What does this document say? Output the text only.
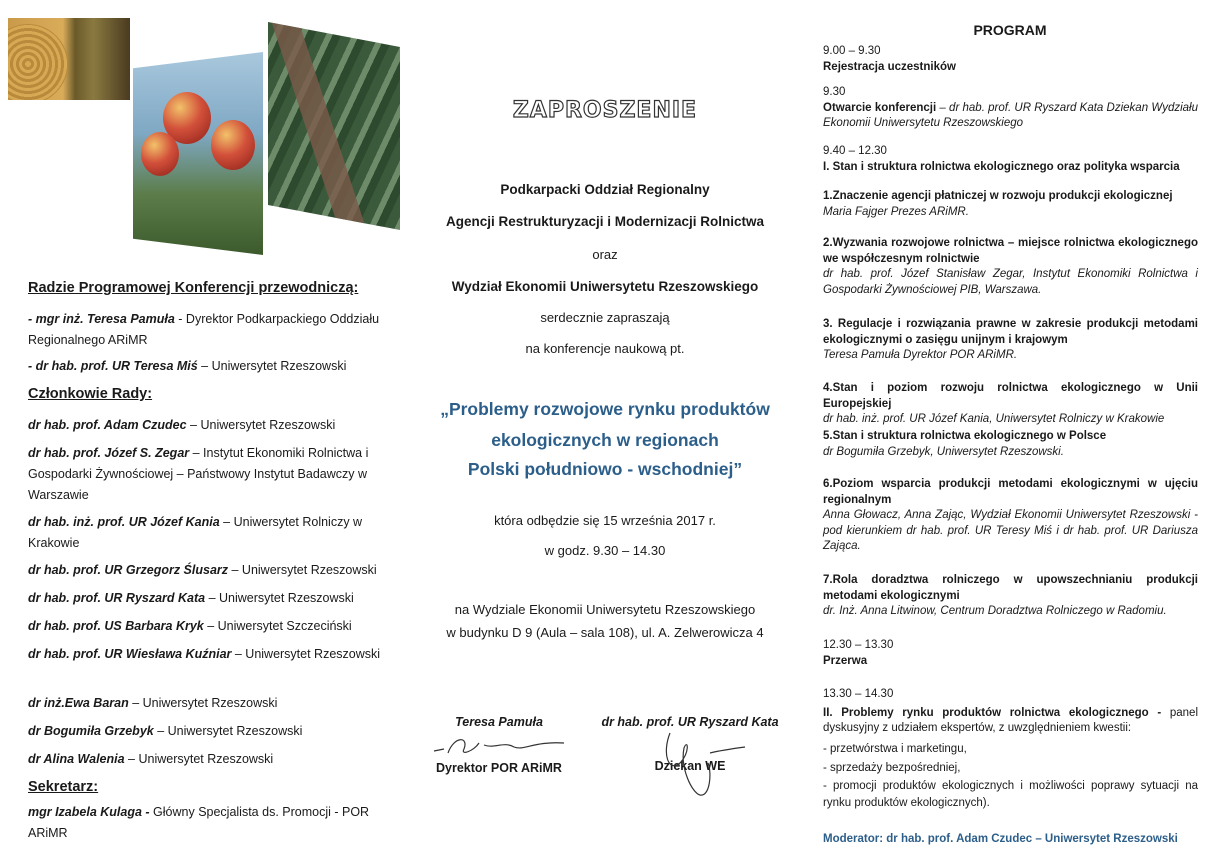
Radzie Programowej Konferencji przewodniczą:
- mgr inż. Teresa Pamuła - Dyrektor Podkarpackiego Oddziału Regionalnego ARiMR
- dr hab. prof. UR Teresa Miś – Uniwersytet Rzeszowski
Członkowie Rady:
dr hab. prof. Adam Czudec – Uniwersytet Rzeszowski
dr hab. prof. Józef S. Zegar – Instytut Ekonomiki Rolnictwa i Gospodarki Żywnościowej – Państwowy Instytut Badawczy w Warszawie
dr hab. inż. prof. UR Józef Kania – Uniwersytet Rolniczy w Krakowie
dr hab. prof. UR Grzegorz Ślusarz – Uniwersytet Rzeszowski
dr hab. prof. UR Ryszard Kata – Uniwersytet Rzeszowski
dr hab. prof. US Barbara Kryk – Uniwersytet Szczeciński
dr hab. prof. UR Wiesława Kuźniar – Uniwersytet Rzeszowski
dr inż.Ewa Baran – Uniwersytet Rzeszowski
dr Bogumiła Grzebyk – Uniwersytet Rzeszowski
dr Alina Walenia – Uniwersytet Rzeszowski
Sekretarz:
mgr Izabela Kulaga - Główny Specjalista ds. Promocji - POR ARiMR
ZAPROSZENIE
Podkarpacki Oddział Regionalny
Agencji Restrukturyzacji i Modernizacji Rolnictwa
oraz
Wydział Ekonomii Uniwersytetu Rzeszowskiego
serdecznie zapraszają
na konferencje naukową pt.
„Problemy rozwojowe rynku produktów
ekologicznych w regionach
Polski południowo - wschodniej”
która odbędzie się 15 września 2017 r.
w godz. 9.30 – 14.30
na Wydziale Ekonomii Uniwersytetu Rzeszowskiego
w budynku D 9 (Aula – sala 108), ul. A. Zelwerowicza 4
Teresa Pamuła
Dyrektor POR ARiMR
dr hab. prof. UR Ryszard Kata
Dziekan WE
PROGRAM
9.00 – 9.30
Rejestracja uczestników
9.30
Otwarcie konferencji – dr hab. prof. UR Ryszard Kata Dziekan Wydziału Ekonomii Uniwersytetu Rzeszowskiego
9.40 – 12.30
I. Stan i struktura rolnictwa ekologicznego oraz polityka wsparcia
1.Znaczenie agencji płatniczej w rozwoju produkcji ekologicznej
Maria Fajger Prezes ARiMR.
2.Wyzwania rozwojowe rolnictwa – miejsce rolnictwa ekologicznego we współczesnym rolnictwie
dr hab. prof. Józef Stanisław Zegar, Instytut Ekonomiki Rolnictwa i Gospodarki Żywnościowej PIB, Warszawa.
3. Regulacje i rozwiązania prawne w zakresie produkcji metodami ekologicznymi o zasięgu unijnym i krajowym
Teresa Pamuła Dyrektor POR ARiMR.
4.Stan i poziom rozwoju rolnictwa ekologicznego w Unii Europejskiej
dr hab. inż. prof. UR Józef Kania, Uniwersytet Rolniczy w Krakowie
5.Stan i struktura rolnictwa ekologicznego w Polsce
dr Bogumiła Grzebyk, Uniwersytet Rzeszowski.
6.Poziom wsparcia produkcji metodami ekologicznymi w ujęciu regionalnym
Anna Głowacz, Anna Zając, Wydział Ekonomii Uniwersytet Rzeszowski - pod kierunkiem dr hab. prof. UR Teresy Miś i dr hab. prof. UR Dariusza Zająca.
7.Rola doradztwa rolniczego w upowszechnianiu produkcji metodami ekologicznymi
dr. Inż. Anna Litwinow, Centrum Doradztwa Rolniczego w Radomiu.
12.30 – 13.30
Przerwa
13.30 – 14.30
II. Problemy rynku produktów rolnictwa ekologicznego - panel dyskusyjny z udziałem ekspertów, z uwzględnieniem kwestii:
- przetwórstwa i marketingu,
- sprzedaży bezpośredniej,
- promocji produktów ekologicznych i możliwości poprawy sytuacji na rynku produktów ekologicznych).
Moderator: dr hab. prof. Adam Czudec – Uniwersytet Rzeszowski
